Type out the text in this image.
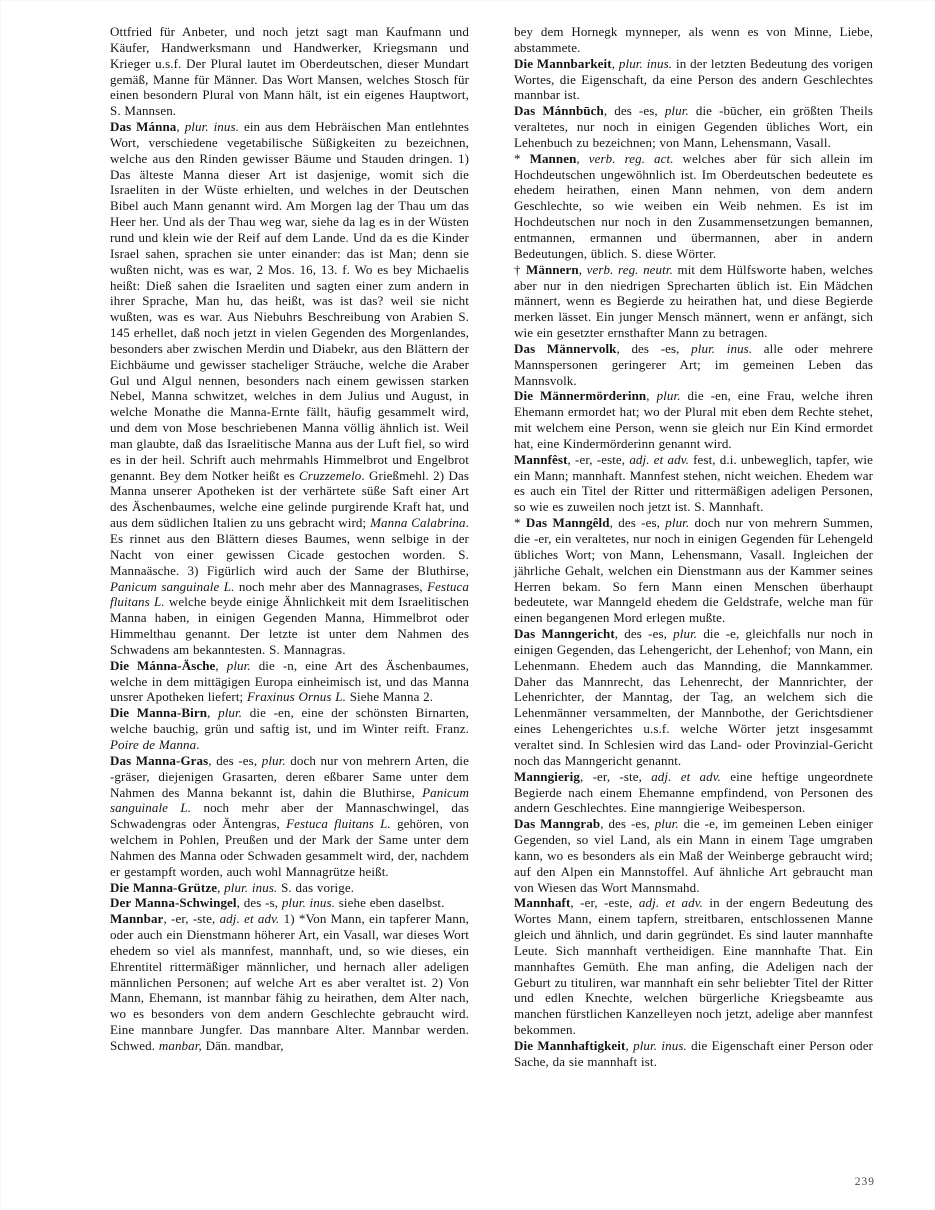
Ottfried für Anbeter, und noch jetzt sagt man Kaufmann und Käufer, Handwerksmann und Handwerker, Kriegsmann und Krieger u.s.f. Der Plural lautet im Oberdeutschen, dieser Mundart gemäß, Manne für Männer. Das Wort Mansen, welches Stosch für einen besondern Plural von Mann hält, ist ein eigenes Hauptwort, S. Mannsen.

Das Mánna, plur. inus. ein aus dem Hebräischen Man entlehntes Wort, verschiedene vegetabilische Süßigkeiten zu bezeichnen, welche aus den Rinden gewisser Bäume und Stauden dringen. 1) Das älteste Manna dieser Art ist dasjenige, womit sich die Israeliten in der Wüste erhielten, und welches in der Deutschen Bibel auch Mann genannt wird. Am Morgen lag der Thau um das Heer her. Und als der Thau weg war, siehe da lag es in der Wüsten rund und klein wie der Reif auf dem Lande. Und da es die Kinder Israel sahen, sprachen sie unter einander: das ist Man; denn sie wußten nicht, was es war, 2 Mos. 16, 13. f. Wo es bey Michaelis heißt: Dieß sahen die Israeliten und sagten einer zum andern in ihrer Sprache, Man hu, das heißt, was ist das? weil sie nicht wußten, was es war. Aus Niebuhrs Beschreibung von Arabien S. 145 erhellet, daß noch jetzt in vielen Gegenden des Morgenlandes, besonders aber zwischen Merdin und Diabekr, aus den Blättern der Eichbäume und gewisser stacheliger Sträuche, welche die Araber Gul und Algul nennen, besonders nach einem gewissen starken Nebel, Manna schwitzet, welches in dem Julius und August, in welche Monathe die Manna-Ernte fällt, häufig gesammelt wird, und dem von Mose beschriebenen Manna völlig ähnlich ist. Weil man glaubte, daß das Israelitische Manna aus der Luft fiel, so wird es in der heil. Schrift auch mehrmahls Himmelbrot und Engelbrot genannt. Bey dem Notker heißt es Cruzzemelo. Grießmehl. 2) Das Manna unserer Apotheken ist der verhärtete süße Saft einer Art des Äschenbaumes, welche eine gelinde purgirende Kraft hat, und aus dem südlichen Italien zu uns gebracht wird; Manna Calabrina. Es rinnet aus den Blättern dieses Baumes, wenn selbige in der Nacht von einer gewissen Cicade gestochen worden. S. Mannaäsche. 3) Figürlich wird auch der Same der Bluthirse, Panicum sanguinale L. noch mehr aber des Mannagrases, Festuca fluitans L. welche beyde einige Ähnlichkeit mit dem Israelitischen Manna haben, in einigen Gegenden Manna, Himmelbrot oder Himmelthau genannt. Der letzte ist unter dem Nahmen des Schwadens am bekanntesten. S. Mannagras.

Die Mánna-Äsche, plur. die -n, eine Art des Äschenbaumes, welche in dem mittägigen Europa einheimisch ist, und das Manna unsrer Apotheken liefert; Fraxinus Ornus L. Siehe Manna 2.

Die Manna-Birn, plur. die -en, eine der schönsten Birnarten, welche bauchig, grün und saftig ist, und im Winter reift. Franz. Poire de Manna.

Das Manna-Gras, des -es, plur. doch nur von mehrern Arten, die -gräser, diejenigen Grasarten, deren eßbarer Same unter dem Nahmen des Manna bekannt ist, dahin die Bluthirse, Panicum sanguinale L. noch mehr aber der Mannaschwingel, das Schwadengras oder Äntengras, Festuca fluitans L. gehören, von welchem in Pohlen, Preußen und der Mark der Same unter dem Nahmen des Manna oder Schwaden gesammelt wird, der, nachdem er gestampft worden, auch wohl Mannagrütze heißt.

Die Manna-Grütze, plur. inus. S. das vorige.

Der Manna-Schwingel, des -s, plur. inus. siehe eben daselbst.

Mannbar, -er, -ste, adj. et adv. 1) *Von Mann, ein tapferer Mann, oder auch ein Dienstmann höherer Art, ein Vasall, war dieses Wort ehedem so viel als mannfest, mannhaft, und, so wie dieses, ein Ehrentitel rittermäßiger männlicher, und hernach aller adeligen männlichen Personen; auf welche Art es aber veraltet ist. 2) Von Mann, Ehemann, ist mannbar fähig zu heirathen, dem Alter nach, wo es besonders von dem andern Geschlechte gebraucht wird. Eine mannbare Jungfer. Das mannbare Alter. Mannbar werden. Schwed. manbar, Dän. mandbar,

bey dem Hornegk mynneper, als wenn es von Minne, Liebe, abstammete.

Die Mannbarkeit, plur. inus. in der letzten Bedeutung des vorigen Wortes, die Eigenschaft, da eine Person des andern Geschlechtes mannbar ist.

Das Mánnbūch, des -es, plur. die -būcher, ein größten Theils veraltetes, nur noch in einigen Gegenden übliches Wort, ein Lehenbuch zu bezeichnen; von Mann, Lehensmann, Vasall.

* Mannen, verb. reg. act. welches aber für sich allein im Hochdeutschen ungewöhnlich ist. Im Oberdeutschen bedeutete es ehedem heirathen, einen Mann nehmen, von dem andern Geschlechte, so wie weiben ein Weib nehmen. Es ist im Hochdeutschen nur noch in den Zusammensetzungen bemannen, entmannen, ermannen und übermannen, aber in andern Bedeutungen, üblich. S. diese Wörter.

† Männern, verb. reg. neutr. mit dem Hülfsworte haben, welches aber nur in den niedrigen Sprecharten üblich ist. Ein Mädchen männert, wenn es Begierde zu heirathen hat, und diese Begierde merken lässet. Ein junger Mensch männert, wenn er anfängt, sich wie ein gesetzter ernsthafter Mann zu betragen.

Das Männervolk, des -es, plur. inus. alle oder mehrere Mannspersonen geringerer Art; im gemeinen Leben das Mannsvolk.

Die Männermörderinn, plur. die -en, eine Frau, welche ihren Ehemann ermordet hat; wo der Plural mit eben dem Rechte stehet, mit welchem eine Person, wenn sie gleich nur Ein Kind ermordet hat, eine Kindermörderinn genannt wird.

Mannfêst, -er, -este, adj. et adv. fest, d.i. unbeweglich, tapfer, wie ein Mann; mannhaft. Mannfest stehen, nicht weichen. Ehedem war es auch ein Titel der Ritter und rittermäßigen adeligen Personen, so wie es zuweilen noch jetzt ist. S. Mannhaft.

* Das Manngêld, des -es, plur. doch nur von mehrern Summen, die -er, ein veraltetes, nur noch in einigen Gegenden für Lehengeld übliches Wort; von Mann, Lehensmann, Vasall. Ingleichen der jährliche Gehalt, welchen ein Dienstmann aus der Kammer seines Herren bekam. So fern Mann einen Menschen überhaupt bedeutete, war Manngeld ehedem die Geldstrafe, welche man für einen begangenen Mord erlegen mußte.

Das Manngericht, des -es, plur. die -e, gleichfalls nur noch in einigen Gegenden, das Lehengericht, der Lehenhof; von Mann, ein Lehenmann. Ehedem auch das Mannding, die Mannkammer. Daher das Mannrecht, das Lehenrecht, der Mannrichter, der Lehenrichter, der Manntag, der Tag, an welchem sich die Lehenmänner versammelten, der Mannbothe, der Gerichtsdiener eines Lehengerichtes u.s.f. welche Wörter jetzt insgesammt veraltet sind. In Schlesien wird das Land- oder Provinzial-Gericht noch das Manngericht genannt.

Manngierig, -er, -ste, adj. et adv. eine heftige ungeordnete Begierde nach einem Ehemanne empfindend, von Personen des andern Geschlechtes. Eine manngierige Weibesperson.

Das Manngrab, des -es, plur. die -e, im gemeinen Leben einiger Gegenden, so viel Land, als ein Mann in einem Tage umgraben kann, wo es besonders als ein Maß der Weinberge gebraucht wird; auf den Alpen ein Mannstoffel. Auf ähnliche Art gebraucht man von Wiesen das Wort Mannsmahd.

Mannhaft, -er, -este, adj. et adv. in der engern Bedeutung des Wortes Mann, einem tapfern, streitbaren, entschlossenen Manne gleich und ähnlich, und darin gegründet. Es sind lauter mannhafte Leute. Sich mannhaft vertheidigen. Eine mannhafte That. Ein mannhaftes Gemüth. Ehe man anfing, die Adeligen nach der Geburt zu tituliren, war mannhaft ein sehr beliebter Titel der Ritter und edlen Knechte, welchen bürgerliche Kriegsbeamte aus manchen fürstlichen Kanzelleyen noch jetzt, adelige aber mannfest bekommen.

Die Mannhaftigkeit, plur. inus. die Eigenschaft einer Person oder Sache, da sie mannhaft ist.

239
